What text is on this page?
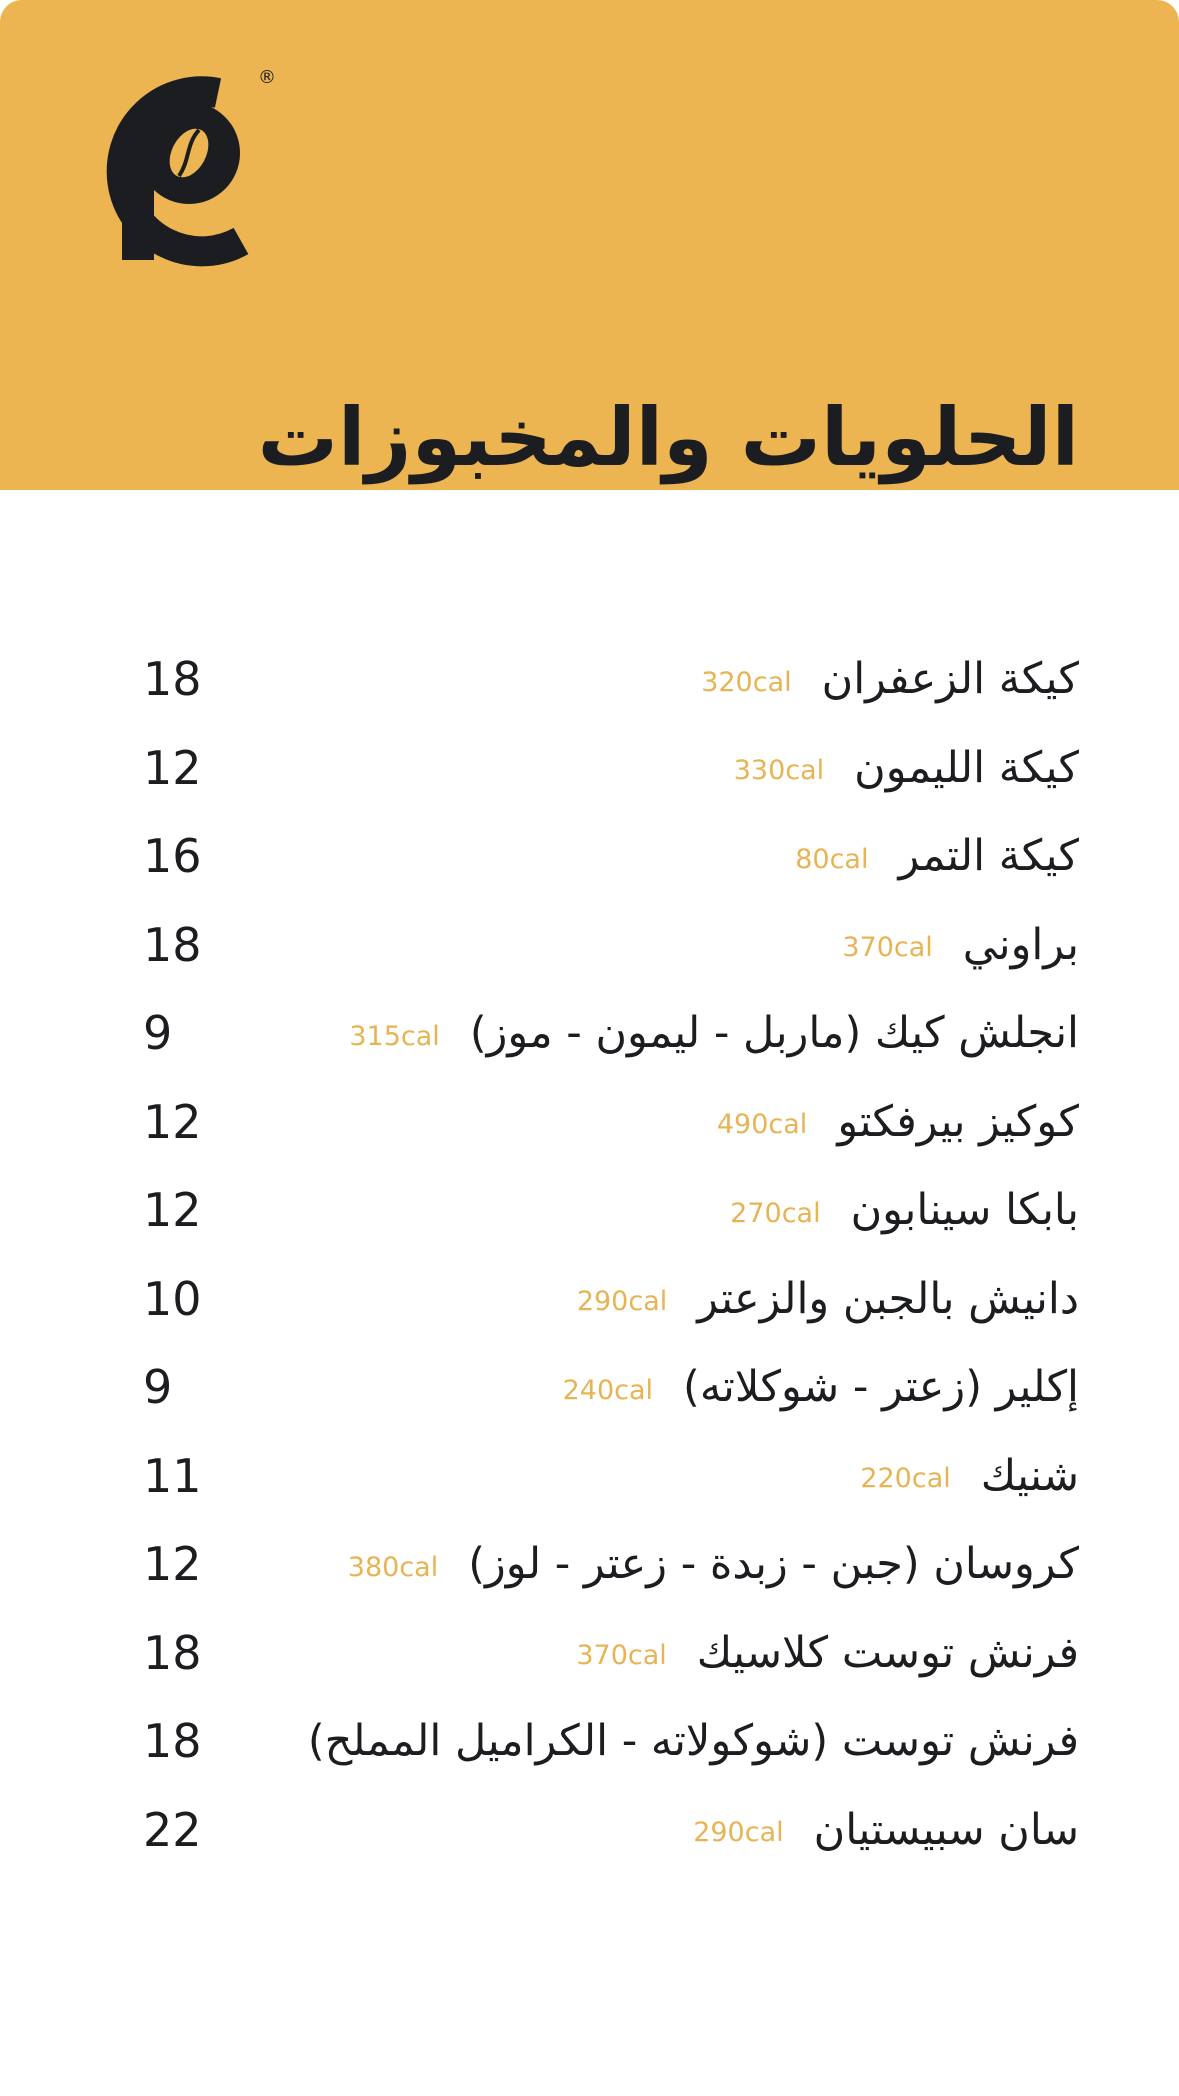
®
الحلويات والمخبوزات
كيكة الزعفران
320cal
18
كيكة الليمون
330cal
12
كيكة التمر
80cal
16
براوني
370cal
18
انجلش كيك (ماربل - ليمون - موز)
315cal
9
كوكيز بيرفكتو
490cal
12
بابكا سينابون
270cal
12
دانيش بالجبن والزعتر
290cal
10
إكلير (زعتر - شوكلاته)
240cal
9
شنيك
220cal
11
كروسان (جبن - زبدة - زعتر - لوز)
380cal
12
فرنش توست كلاسيك
370cal
18
فرنش توست (شوكولاته - الكراميل المملح)
18
سان سبيستيان
290cal
22
